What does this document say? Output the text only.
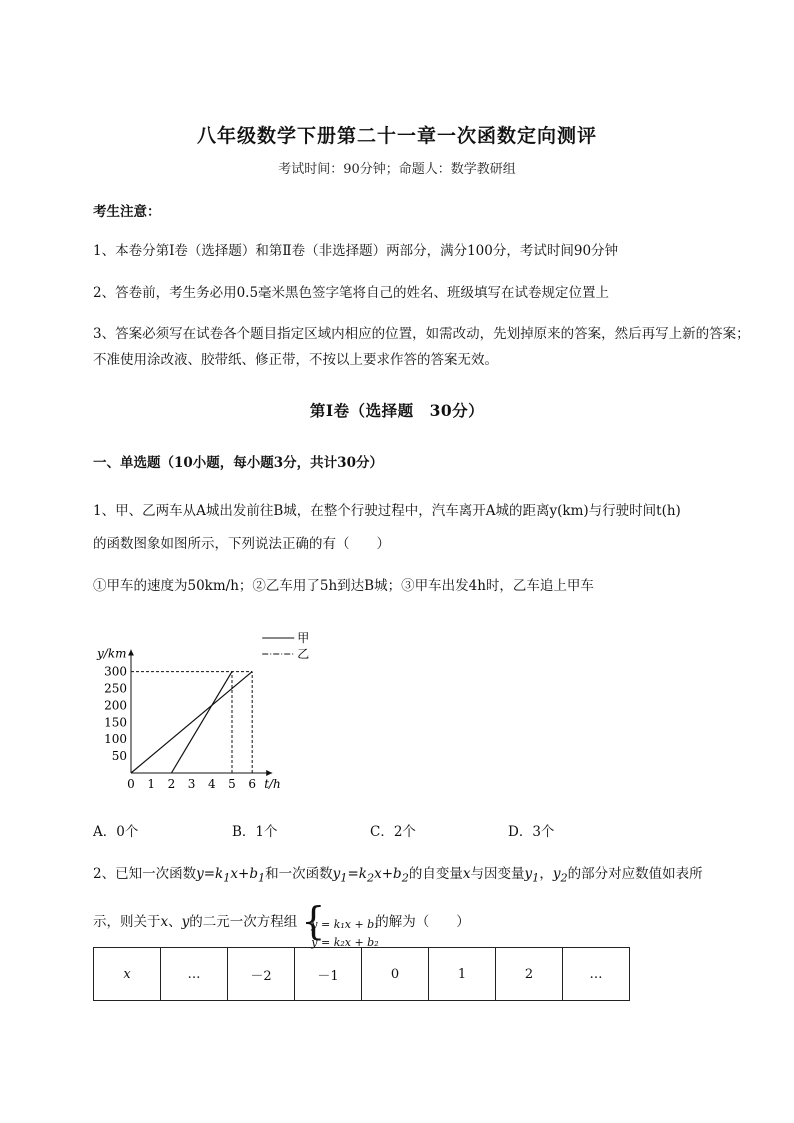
八年级数学下册第二十一章一次函数定向测评
考试时间：90分钟；命题人：数学教研组
考生注意：
1、本卷分第I卷（选择题）和第Ⅱ卷（非选择题）两部分，满分100分，考试时间90分钟
2、答卷前，考生务必用0.5毫米黑色签字笔将自己的姓名、班级填写在试卷规定位置上
3、答案必须写在试卷各个题目指定区域内相应的位置，如需改动，先划掉原来的答案，然后再写上新的答案；不准使用涂改液、胶带纸、修正带，不按以上要求作答的答案无效。
第Ⅰ卷（选择题　30分）
一、单选题（10小题，每小题3分，共计30分）
1、甲、乙两车从A城出发前往B城，在整个行驶过程中，汽车离开A城的距离y(km)与行驶时间t(h)
的函数图象如图所示，下列说法正确的有（　　）
①甲车的速度为50km/h；②乙车用了5h到达B城；③甲车出发4h时，乙车追上甲车
y/km
t/h
0 1 2 3 4 5 6
50
100
150
200
250
300
甲
乙
A．0个	B．1个	C．2个	D．3个
2、已知一次函数$y=k_1x+b_1$和一次函数$y_1=k_2x+b_2$的自变量x与因变量$y_1$，$y_2$的部分对应数值如表所
示，则关于x、y的二元一次方程组 {
y = k₁x + b₁
y = k₂x + b₂
的解为（　　）
x	…	－2	－1	0	1	2	…
